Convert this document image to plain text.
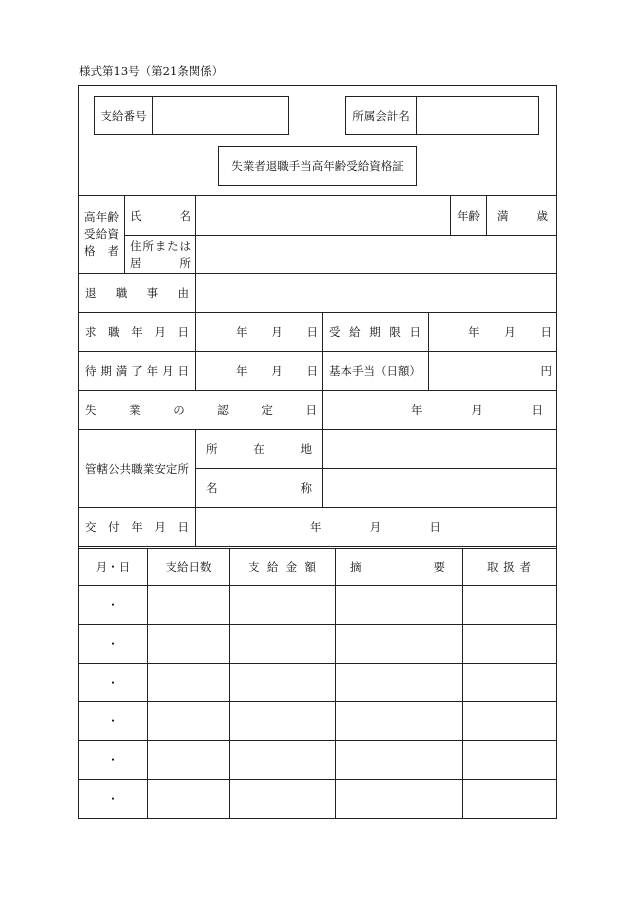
様式第13号（第21条関係）
支給番号	所属会計名
失業者退職手当高年齢受給資格証
高年齢
受給資
格者
氏名	年齢	満　　歳
住所または
居所
退職事由
求職年月日	年　　月　　日 受給期限日	年　　月　　日
待期満了年月日	年　　月　　日 基本手当（日額）	円
失業の認定日	年　　月　　日
管轄公共職業安定所
所在地
名称
交付年月日	年　　月　　日
月・日	支給日数	支給金額	摘要	取扱者
・
・
・
・
・
・
